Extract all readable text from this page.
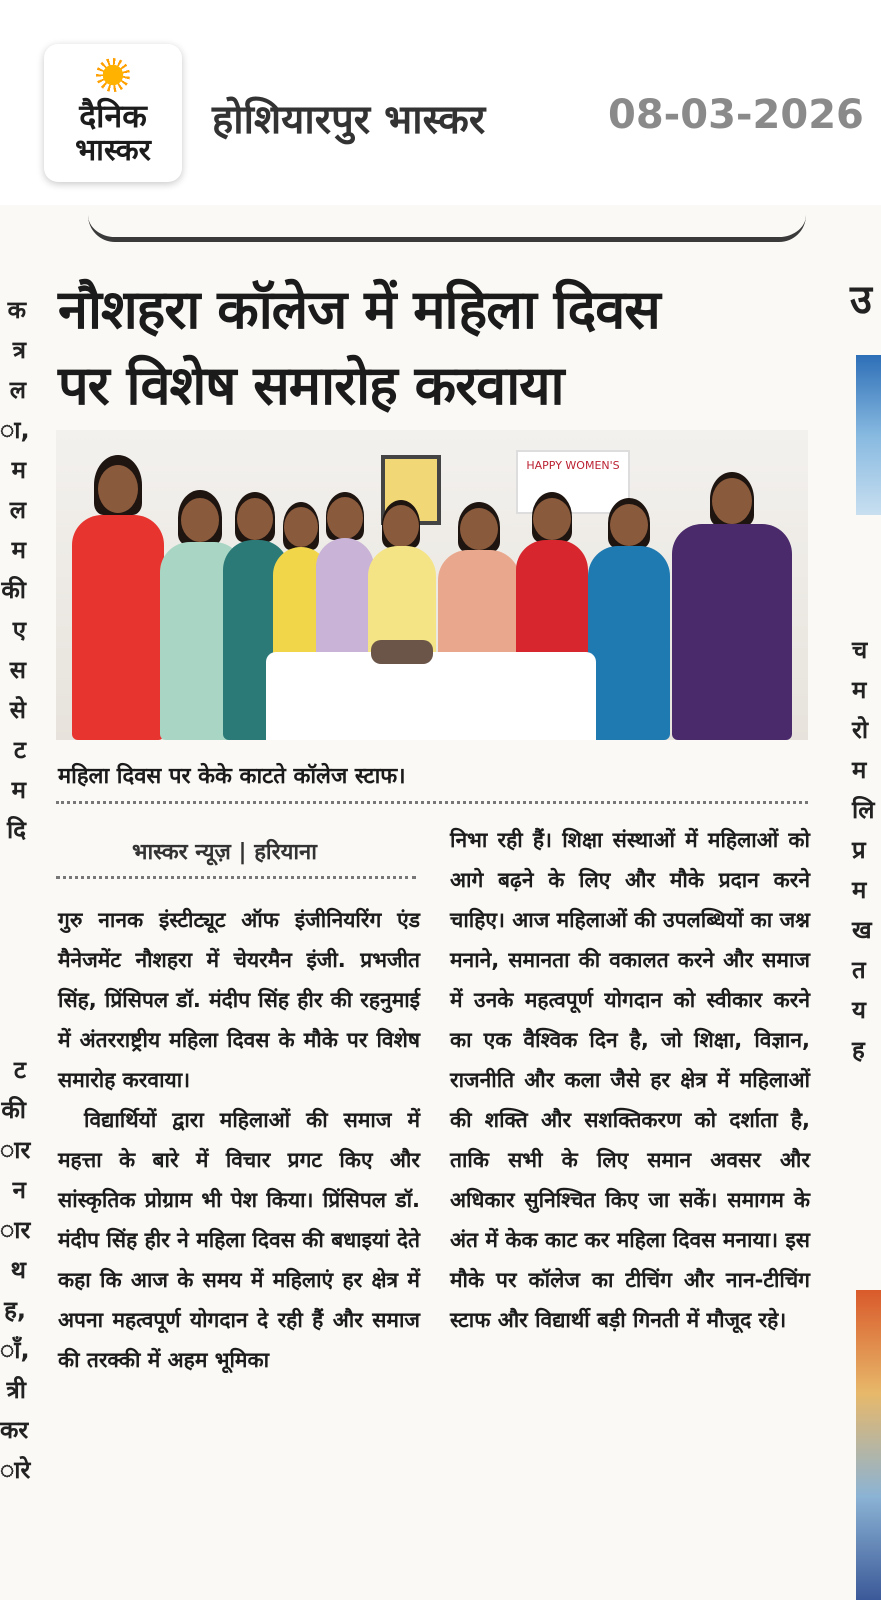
दैनिक
भास्कर
होशियारपुर भास्कर	08-03-2026
क
त्र
ल
ा,
म
ल
म
की
ए
स
से
ट
म
दि
ट
की
ार
न
ार
थ
ह,
ाँ,
त्री
कर
ारे
उ
च
म
रो
म
लि
प्र
म
ख
त
य
ह
नौशहरा कॉलेज में महिला दिवस
पर विशेष समारोह करवाया
HAPPY WOMEN'S
महिला दिवस पर केके काटते कॉलेज स्टाफ।
भास्कर न्यूज़ | हरियाना

गुरु नानक इंस्टीट्यूट ऑफ इंजीनियरिंग एंड मैनेजमेंट नौशहरा में चेयरमैन इंजी. प्रभजीत सिंह, प्रिंसिपल डॉ. मंदीप सिंह हीर की रहनुमाई में अंतरराष्ट्रीय महिला दिवस के मौके पर विशेष समारोह करवाया।

विद्यार्थियों द्वारा महिलाओं की समाज में महत्ता के बारे में विचार प्रगट किए और सांस्कृतिक प्रोग्राम भी पेश किया। प्रिंसिपल डॉ. मंदीप सिंह हीर ने महिला दिवस की बधाइयां देते कहा कि आज के समय में महिलाएं हर क्षेत्र में अपना महत्वपूर्ण योगदान दे रही हैं और समाज की तरक्की में अहम भूमिका

निभा रही हैं। शिक्षा संस्थाओं में महिलाओं को आगे बढ़ने के लिए और मौके प्रदान करने चाहिए। आज महिलाओं की उपलब्धियों का जश्न मनाने, समानता की वकालत करने और समाज में उनके महत्वपूर्ण योगदान को स्वीकार करने का एक वैश्विक दिन है, जो शिक्षा, विज्ञान, राजनीति और कला जैसे हर क्षेत्र में महिलाओं की शक्ति और सशक्तिकरण को दर्शाता है, ताकि सभी के लिए समान अवसर और अधिकार सुनिश्चित किए जा सकें। समागम के अंत में केक काट कर महिला दिवस मनाया। इस मौके पर कॉलेज का टीचिंग और नान-टीचिंग स्टाफ और विद्यार्थी बड़ी गिनती में मौजूद रहे।
